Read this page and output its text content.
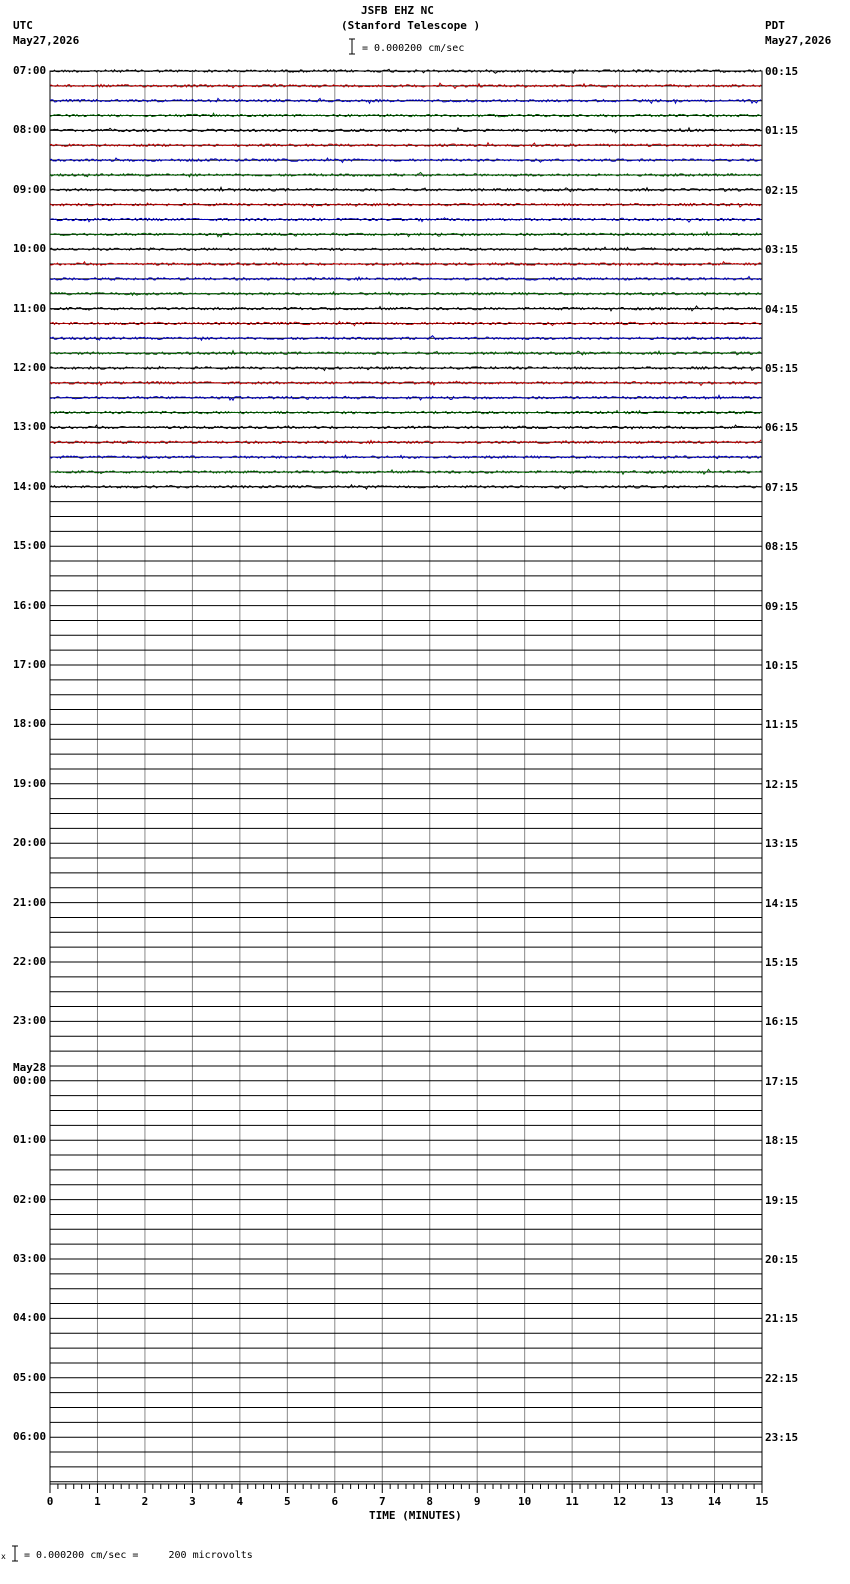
0	1	2	3	4	5	6	7	8	9	10	11	12	13	14	15
JSFB EHZ NC
(Stanford Telescope )
UTC
May27,2026
PDT
May27,2026
= 0.000200 cm/sec
07:00
08:00
09:00
10:00
11:00
12:00
13:00
14:00
15:00
16:00
17:00
18:00
19:00
20:00
21:00
22:00
23:00
00:00
May28
01:00
02:00
03:00
04:00
05:00
06:00
00:15
01:15
02:15
03:15
04:15
05:15
06:15
07:15
08:15
09:15
10:15
11:15
12:15
13:15
14:15
15:15
16:15
17:15
18:15
19:15
20:15
21:15
22:15
23:15
TIME (MINUTES)
x = 0.000200 cm/sec =     200 microvolts
